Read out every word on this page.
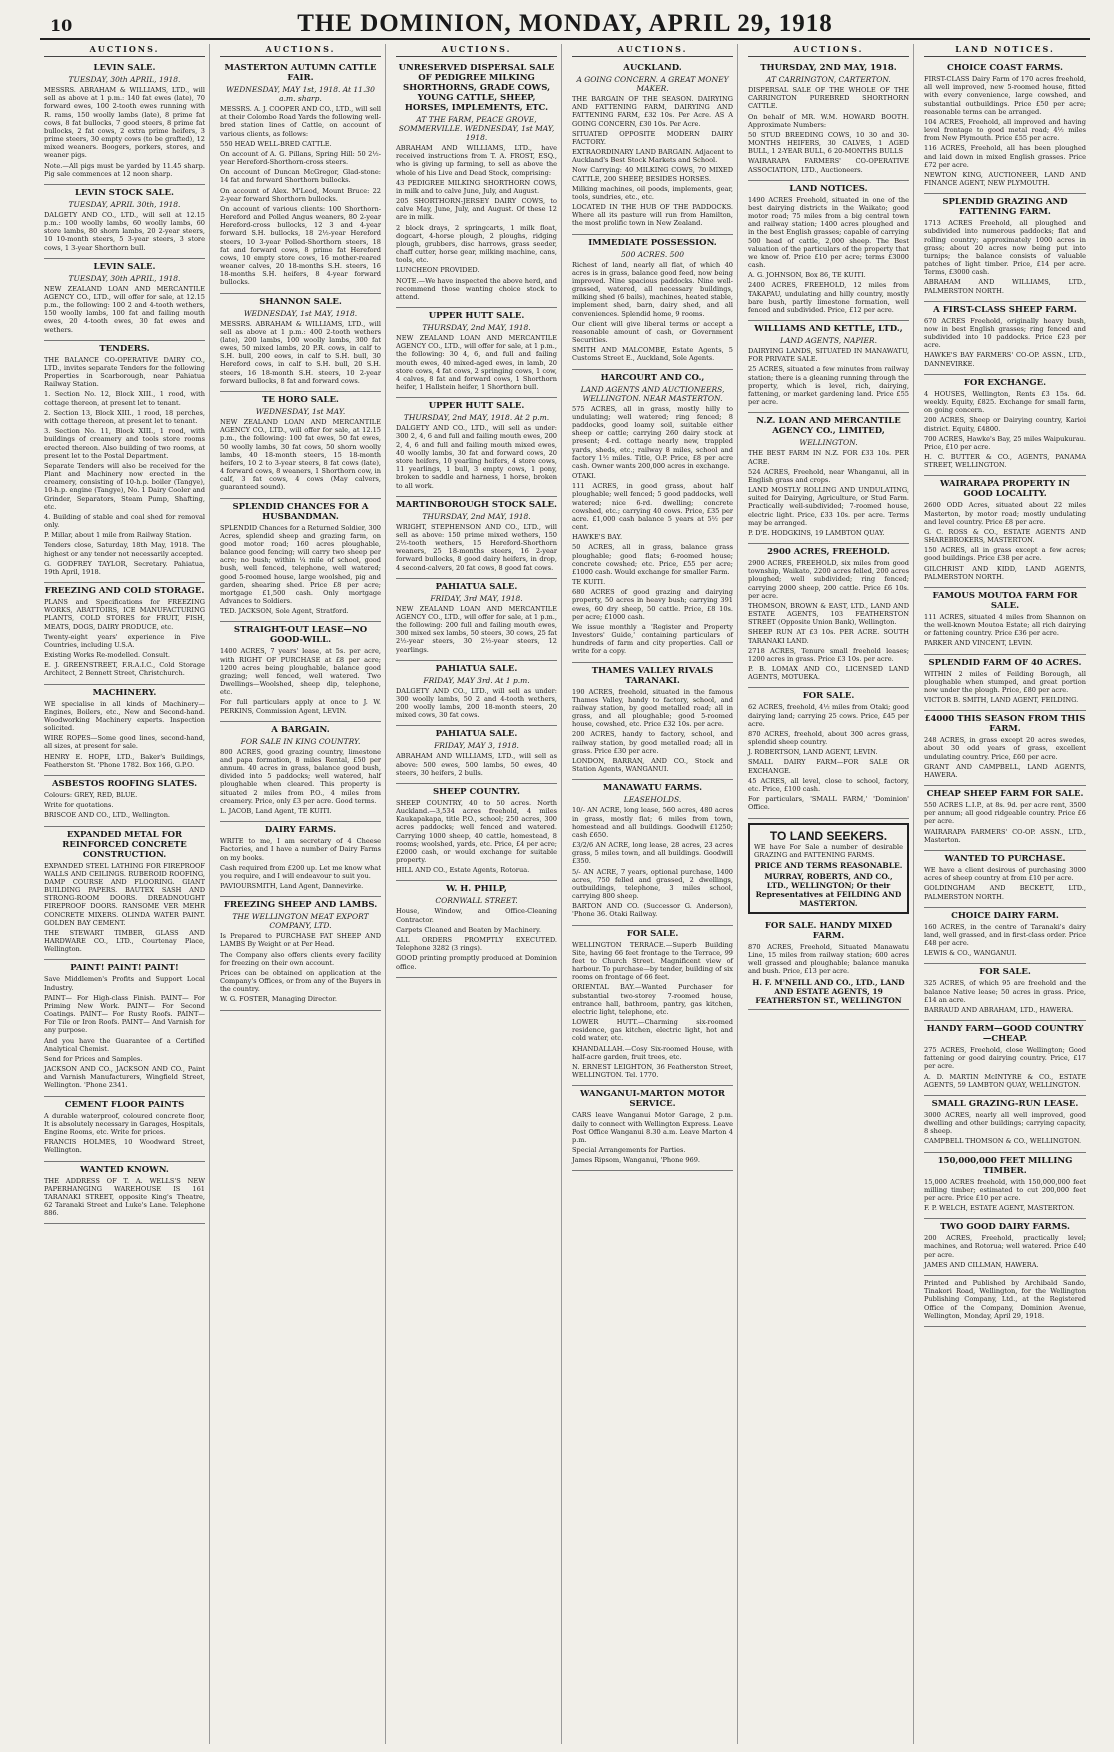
10	THE DOMINION, MONDAY, APRIL 29, 1918
AUCTIONS.
LEVIN SALE.
TUESDAY, 30th APRIL, 1918.

MESSRS. ABRAHAM & WILLIAMS, LTD., will sell as above at 1 p.m.: 140 fat ewes (late), 70 forward ewes, 100 2-tooth ewes running with R. rams, 150 woolly lambs (late), 8 prime fat cows, 8 fat bullocks, 7 good steers, 8 prime fat bullocks, 2 fat cows, 2 extra prime heifers, 3 prime steers, 30 empty cows (to be grafted), 12 mixed weaners. Boogers, porkers, stores, and weaner pigs.

Note.—All pigs must be yarded by 11.45 sharp. Pig sale commences at 12 noon sharp.

LEVIN STOCK SALE.
TUESDAY, APRIL 30th, 1918.

DALGETY AND CO., LTD., will sell at 12.15 p.m.: 100 woolly lambs, 60 woolly lambs, 60 store lambs, 80 shorn lambs, 20 2-year steers, 10 10-month steers, 5 3-year steers, 3 store cows, 1 3-year Shorthorn bull.

LEVIN SALE.
TUESDAY, 30th APRIL, 1918.

NEW ZEALAND LOAN AND MERCANTILE AGENCY CO., LTD., will offer for sale, at 12.15 p.m., the following: 100 2 and 4-tooth wethers, 150 woolly lambs, 100 fat and failing mouth ewes, 20 4-tooth ewes, 30 fat ewes and wethers.

TENDERS.

THE BALANCE CO-OPERATIVE DAIRY CO., LTD., invites separate Tenders for the following Properties in Scarborough, near Pahiatua Railway Station.

1. Section No. 12, Block XIII., 1 rood, with cottage thereon, at present let to tenant.

2. Section 13, Block XIII., 1 rood, 18 perches, with cottage thereon, at present let to tenant.

3. Section No. 11, Block XIII., 1 rood, with buildings of creamery and tools store rooms erected thereon. Also building of two rooms, at present let to the Postal Department.

Separate Tenders will also be received for the Plant and Machinery now erected in the creamery, consisting of 10-h.p. boiler (Tangye), 10-h.p. engine (Tangye), No. 1 Dairy Cooler and Grinder, Separators, Steam Pump, Shafting, etc.

4. Building of stable and coal shed for removal only.

P. Millar, about 1 mile from Railway Station.

Tenders close, Saturday, 18th May, 1918. The highest or any tender not necessarily accepted.

G. GODFREY TAYLOR, Secretary. Pahiatua, 19th April, 1918.

FREEZING AND COLD STORAGE.

PLANS and Specifications for FREEZING WORKS, ABATTOIRS, ICE MANUFACTURING PLANTS, COLD STORES for FRUIT, FISH, MEATS, DOGS, DAIRY PRODUCE, etc.

Twenty-eight years' experience in Five Countries, including U.S.A.

Existing Works Re-modelled. Consult.

E. J. GREENSTREET, F.R.A.I.C., Cold Storage Architect, 2 Bennett Street, Christchurch.

MACHINERY.

WE specialise in all kinds of Machinery—Engines, Boilers, etc., New and Second-hand. Woodworking Machinery experts. Inspection solicited.

WIRE ROPES—Some good lines, second-hand, all sizes, at present for sale.

HENRY E. HOPE, LTD., Baker's Buildings, Featherston St. 'Phone 1782. Box 166, G.P.O.

ASBESTOS ROOFING SLATES.

Colours: GREY, RED, BLUE.

Write for quotations.

BRISCOE AND CO., LTD., Wellington.

EXPANDED METAL FOR REINFORCED CONCRETE CONSTRUCTION.

EXPANDED STEEL LATHING FOR FIREPROOF WALLS AND CEILINGS. RUBEROID ROOFING, DAMP COURSE AND FLOORING. GIANT BUILDING PAPERS. BAUTEX SASH AND STRONG-ROOM DOORS. DREADNOUGHT FIREPROOF DOORS. RANSOME VER MEHR CONCRETE MIXERS. OLINDA WATER PAINT. GOLDEN BAY CEMENT.

THE STEWART TIMBER, GLASS AND HARDWARE CO., LTD., Courtenay Place, Wellington.

PAINT! PAINT! PAINT!

Save Middlemen's Profits and Support Local Industry.

PAINT— For High-class Finish. PAINT— For Priming New Work. PAINT— For Second Coatings. PAINT— For Rusty Roofs. PAINT— For Tile or Iron Roofs. PAINT— And Varnish for any purpose.

And you have the Guarantee of a Certified Analytical Chemist.

Send for Prices and Samples.

JACKSON AND CO., JACKSON AND CO., Paint and Varnish Manufacturers, Wingfield Street, Wellington. 'Phone 2341.

CEMENT FLOOR PAINTS

A durable waterproof, coloured concrete floor, It is absolutely necessary in Garages, Hospitals, Engine Rooms, etc. Write for prices.

FRANCIS HOLMES, 10 Woodward Street, Wellington.

WANTED KNOWN.

THE ADDRESS OF T. A. WELLS'S NEW PAPERHANGING WAREHOUSE IS 161 TARANAKI STREET, opposite King's Theatre, 62 Taranaki Street and Luke's Lane. Telephone 886.

AUCTIONS.
MASTERTON AUTUMN CATTLE FAIR.
WEDNESDAY, MAY 1st, 1918. At 11.30 a.m. sharp.

MESSRS. A. J. COOPER AND CO., LTD., will sell at their Colombo Road Yards the following well-bred station lines of Cattle, on account of various clients, as follows:

550 HEAD WELL-BRED CATTLE.

On account of A. G. Pillans, Spring Hill: 50 2½-year Hereford-Shorthorn-cross steers.

On account of Duncan McGregor, Glad-stone: 14 fat and forward Shorthorn bullocks.

On account of Alex. M'Leod, Mount Bruce: 22 2-year forward Shorthorn bullocks.

On account of various clients: 100 Shorthorn-Hereford and Polled Angus weaners, 80 2-year Hereford-cross bullocks, 12 3 and 4-year forward S.H. bullocks, 18 2½-year Hereford steers, 10 3-year Polled-Shorthorn steers, 18 fat and forward cows, 8 prime fat Hereford cows, 10 empty store cows, 16 mother-reared weaner calves, 20 18-months S.H. steers, 16 18-months S.H. heifers, 8 4-year forward bullocks.

SHANNON SALE.
WEDNESDAY, 1st MAY, 1918.

MESSRS. ABRAHAM & WILLIAMS, LTD., will sell as above at 1 p.m.: 400 2-tooth wethers (late), 200 lambs, 100 woolly lambs, 300 fat ewes, 50 mixed lambs, 20 P.R. cows, in calf to S.H. bull, 200 eows, in calf to S.H. bull, 30 Hereford cows, in calf to S.H. bull, 20 S.H. steers, 16 18-month S.H. steers, 10 2-year forward bullocks, 8 fat and forward cows.

TE HORO SALE.
WEDNESDAY, 1st MAY.

NEW ZEALAND LOAN AND MERCANTILE AGENCY CO., LTD., will offer for sale, at 12.15 p.m., the following: 100 fat ewes, 50 fat ewes, 50 woolly lambs, 30 fat cows, 50 shorn woolly lambs, 40 18-month steers, 15 18-month heifers, 10 2 to 3-year steers, 8 fat cows (late), 4 forward cows, 8 weaners, 1 Shorthorn cow, in calf, 3 fat cows, 4 cows (May calvers, guaranteed sound).

SPLENDID CHANCES FOR A HUSBANDMAN.

SPLENDID Chances for a Returned Soldier, 300 Acres, splendid sheep and grazing farm, on good motor road; 160 acres ploughable, balance good fencing; will carry two sheep per acre; no bush; within ¼ mile of school, good bush, well fenced, telephone, well watered; good 5-roomed house, large woolshed, pig and garden, shearing shed. Price £8 per acre; mortgage £1,500 cash. Only mortgage Advances to Soldiers.

TED. JACKSON, Sole Agent, Stratford.

STRAIGHT-OUT LEASE—NO GOOD-WILL.

1400 ACRES, 7 years' lease, at 5s. per acre, with RIGHT OF PURCHASE at £8 per acre; 1200 acres being ploughable, balance good grazing; well fenced, well watered. Two Dwellings—Woolshed, sheep dip, telephone, etc.

For full particulars apply at once to J. W. PERKINS, Commission Agent, LEVIN.

A BARGAIN.
FOR SALE IN KING COUNTRY.

800 ACRES, good grazing country, limestone and papa formation, 8 miles Rental, £50 per annum. 40 acres in grass, balance good bush, divided into 5 paddocks; well watered, half ploughable when cleared. This property is situated 2 miles from P.O., 4 miles from creamery. Price, only £3 per acre. Good terms.

L. JACOB, Land Agent, TE KUITI.

DAIRY FARMS.

WRITE to me, I am secretary of 4 Cheese Factories, and I have a number of Dairy Farms on my books.

Cash required from £200 up. Let me know what you require, and I will endeavour to suit you.

PAVIOURSMITH, Land Agent, Dannevirke.

FREEZING SHEEP AND LAMBS.
THE WELLINGTON MEAT EXPORT COMPANY, LTD.

Is Prepared to PURCHASE FAT SHEEP AND LAMBS By Weight or at Per Head.

The Company also offers clients every facility for freezing on their own account.

Prices can be obtained on application at the Company's Offices, or from any of the Buyers in the country.

W. G. FOSTER, Managing Director.

AUCTIONS.
UNRESERVED DISPERSAL SALE OF PEDIGREE MILKING SHORTHORNS, GRADE COWS, YOUNG CATTLE, SHEEP, HORSES, IMPLEMENTS, ETC.
AT THE FARM, PEACE GROVE, SOMMERVILLE. WEDNESDAY, 1st MAY, 1918.

ABRAHAM AND WILLIAMS, LTD., have received instructions from T. A. FROST, ESQ., who is giving up farming, to sell as above the whole of his Live and Dead Stock, comprising:

43 PEDIGREE MILKING SHORTHORN COWS, in milk and to calve June, July, and August.

205 SHORTHORN-JERSEY DAIRY COWS, to calve May, June, July, and August. Of these 12 are in milk.

2 block drays, 2 springcarts, 1 milk float, dogcart, 4-horse plough, 2 ploughs, ridging plough, grubbers, disc harrows, grass seeder, chaff cutter, horse gear, milking machine, cans, tools, etc.

LUNCHEON PROVIDED.

NOTE.—We have inspected the above herd, and recommend those wanting choice stock to attend.

UPPER HUTT SALE.
THURSDAY, 2nd MAY, 1918.

NEW ZEALAND LOAN AND MERCANTILE AGENCY CO., LTD., will offer for sale, at 1 p.m., the following: 30 4, 6, and full and failing mouth ewes, 40 mixed-aged ewes, in lamb, 20 store cows, 4 fat cows, 2 springing cows, 1 cow, 4 calves, 8 fat and forward cows, 1 Shorthorn heifer, 1 Hallstein heifer, 1 Shorthorn bull.

UPPER HUTT SALE.
THURSDAY, 2nd MAY, 1918. At 2 p.m.

DALGETY AND CO., LTD., will sell as under: 300 2, 4, 6 and full and failing mouth ewes, 200 2, 4, 6 and full and failing mouth mixed ewes, 40 woolly lambs, 30 fat and forward cows, 20 store heifers, 10 yearling heifers, 4 store cows, 11 yearlings, 1 bull, 3 empty cows, 1 pony, broken to saddle and harness, 1 horse, broken to all work.

MARTINBOROUGH STOCK SALE.
THURSDAY, 2nd MAY, 1918.

WRIGHT, STEPHENSON AND CO., LTD., will sell as above: 150 prime mixed wethers, 150 2½-tooth wethers, 15 Hereford-Shorthorn weaners, 25 18-months steers, 16 2-year forward bullocks, 8 good dairy heifers, in drop, 4 second-calvers, 20 fat cows, 8 good fat cows.

PAHIATUA SALE.
FRIDAY, 3rd MAY, 1918.

NEW ZEALAND LOAN AND MERCANTILE AGENCY CO., LTD., will offer for sale, at 1 p.m., the following: 200 full and failing mouth ewes, 300 mixed sex lambs, 50 steers, 30 cows, 25 fat 2½-year steers, 30 2½-year steers, 12 yearlings.

PAHIATUA SALE.
FRIDAY, MAY 3rd. At 1 p.m.

DALGETY AND CO., LTD., will sell as under: 300 woolly lambs, 50 2 and 4-tooth wethers, 200 woolly lambs, 200 18-month steers, 20 mixed cows, 30 fat cows.

PAHIATUA SALE.
FRIDAY, MAY 3, 1918.

ABRAHAM AND WILLIAMS, LTD., will sell as above: 500 ewes, 500 lambs, 50 ewes, 40 steers, 30 heifers, 2 bulls.

SHEEP COUNTRY.

SHEEP COUNTRY, 40 to 50 acres. North Auckland.—3,534 acres freehold, 4 miles Kaukapakapa, title P.O., school; 250 acres, 300 acres paddocks; well fenced and watered. Carrying 1000 sheep, 40 cattle, homestead, 8 rooms; woolshed, yards, etc. Price, £4 per acre; £2000 cash, or would exchange for suitable property.

HILL AND CO., Estate Agents, Rotorua.

W. H. PHILP,
CORNWALL STREET.

House, Window, and Office-Cleaning Contractor.

Carpets Cleaned and Beaten by Machinery.

ALL ORDERS PROMPTLY EXECUTED. Telephone 3282 (3 rings).

GOOD printing promptly produced at Dominion office.

AUCTIONS.
AUCKLAND.
A GOING CONCERN. A GREAT MONEY MAKER.

THE BARGAIN OF THE SEASON. DAIRYING AND FATTENING FARM, DAIRYING AND FATTENING FARM, £32 10s. Per Acre. AS A GOING CONCERN, £30 10s. Per Acre.

SITUATED OPPOSITE MODERN DAIRY FACTORY.

EXTRAORDINARY LAND BARGAIN. Adjacent to Auckland's Best Stock Markets and School.

Now Carrying: 40 MILKING COWS, 70 MIXED CATTLE, 200 SHEEP, BESIDES HORSES.

Milking machines, oil poods, implements, gear, tools, sundries, etc., etc.

LOCATED IN THE HUB OF THE PADDOCKS. Where all its pasture will run from Hamilton, the most prolific town in New Zealand.

IMMEDIATE POSSESSION.
500 ACRES. 500

Richest of land, nearly all flat, of which 40 acres is in grass, balance good feed, now being improved. Nine spacious paddocks. Nine well-grassed, watered, all necessary buildings, milking shed (6 bails), machines, heated stable, implement shed, barn, dairy shed, and all conveniences. Splendid home, 9 rooms.

Our client will give liberal terms or accept a reasonable amount of cash, or Government Securities.

SMITH AND MALCOMBE, Estate Agents, 5 Customs Street E., Auckland, Sole Agents.

HARCOURT AND CO.,
LAND AGENTS AND AUCTIONEERS, WELLINGTON. NEAR MASTERTON.

575 ACRES, all in grass, mostly hilly to undulating; well watered; ring fenced; 8 paddocks, good loamy soil, suitable either sheep or cattle; carrying 260 dairy stock at present; 4-rd. cottage nearly new, trappled yards, sheds, etc.; railway 8 miles, school and factory 1½ miles. Title, O.P. Price, £8 per acre cash. Owner wants 200,000 acres in exchange.

OTAKI.

111 ACRES, in good grass, about half ploughable; well fenced; 5 good paddocks, well watered; nice 6-rd. dwelling; concrete cowshed, etc.; carrying 40 cows. Price, £35 per acre. £1,000 cash balance 5 years at 5½ per cent.

HAWKE'S BAY.

50 ACRES, all in grass, balance grass ploughable; good flats; 6-roomed house; concrete cowshed; etc. Price, £55 per acre; £1000 cash. Would exchange for smaller Farm.

TE KUITI.

680 ACRES of good grazing and dairying property, 50 acres in heavy bush; carrying 391 ewes, 60 dry sheep, 50 cattle. Price, £8 10s. per acre; £1000 cash.

We issue monthly a 'Register and Property Investors' Guide,' containing particulars of hundreds of farm and city properties. Call or write for a copy.

THAMES VALLEY RIVALS TARANAKI.

190 ACRES, freehold, situated in the famous Thames Valley, handy to factory, school, and railway station, by good metalled road; all in grass, and all ploughable; good 5-roomed house, cowshed, etc. Price £32 10s. per acre.

200 ACRES, handy to factory, school, and railway station, by good metalled road; all in grass. Price £30 per acre.

LONDON, BARRAN, AND CO., Stock and Station Agents, WANGANUI.

MANAWATU FARMS.
LEASEHOLDS.

10/- AN ACRE, long lease, 560 acres, 480 acres in grass, mostly flat; 6 miles from town, homestead and all buildings. Goodwill £1250; cash £650.

£3/2/6 AN ACRE, long lease, 28 acres, 23 acres grass, 5 miles town, and all buildings. Goodwill £350.

5/- AN ACRE, 7 years, optional purchase, 1400 acres, 750 felled and grassed, 2 dwellings, outbuildings, telephone, 3 miles school, carrying 800 sheep.

BARTON AND CO. (Successor G. Anderson), 'Phone 36. Otaki Railway.

FOR SALE.

WELLINGTON TERRACE.—Superb Building Site, having 66 feet frontage to the Terrace, 99 feet to Church Street. Magnificent view of harbour. To purchase—by tender, building of six rooms on frontage of 66 feet.

ORIENTAL BAY.—Wanted Purchaser for substantial two-storey 7-roomed house, entrance hall, bathroom, pantry, gas kitchen, electric light, telephone, etc.

LOWER HUTT.—Charming six-roomed residence, gas kitchen, electric light, hot and cold water, etc.

KHANDALLAH.—Cosy Six-roomed House, with half-acre garden, fruit trees, etc.

N. ERNEST LEIGHTON, 36 Featherston Street, WELLINGTON. Tel. 1770.

WANGANUI-MARTON MOTOR SERVICE.

CARS leave Wanganui Motor Garage, 2 p.m. daily to connect with Wellington Express. Leave Post Office Wanganui 8.30 a.m. Leave Marton 4 p.m.

Special Arrangements for Parties.

James Ripsom, Wanganui, 'Phone 969.

AUCTIONS.
THURSDAY, 2ND MAY, 1918.
AT CARRINGTON, CARTERTON.

DISPERSAL SALE OF THE WHOLE OF THE CARRINGTON PUREBRED SHORTHORN CATTLE.

On behalf of MR. W.M. HOWARD BOOTH. Approximate Numbers:

50 STUD BREEDING COWS, 10 30 and 30-MONTHS HEIFERS, 30 CALVES, 1 AGED BULL, 1 2-YEAR BULL, 6 20-MONTHS BULLS

WAIRARAPA FARMERS' CO-OPERATIVE ASSOCIATION, LTD., Auctioneers.

LAND NOTICES.

1490 ACRES Freehold, situated in one of the best dairying districts in the Waikato; good motor road; 75 miles from a big central town and railway station; 1400 acres ploughed and in the best English grasses; capable of carrying 500 head of cattle, 2,000 sheep. The Best valuation of the particulars of the property that we know of. Price £10 per acre; terms £3000 cash.

A. G. JOHNSON, Box 86, TE KUITI.

2400 ACRES, FREEHOLD, 12 miles from TAKAPAU, undulating and hilly country, mostly bare bush, partly limestone formation, well fenced and subdivided. Price, £12 per acre.

WILLIAMS AND KETTLE, LTD.,
LAND AGENTS, NAPIER.

DAIRYING LANDS, SITUATED IN MANAWATU, FOR PRIVATE SALE.

25 ACRES, situated a few minutes from railway station; there is a gleaning running through the property, which is level, rich, dairying, fattening, or market gardening land. Price £55 per acre.

N.Z. LOAN AND MERCANTILE AGENCY CO., LIMITED,
WELLINGTON.

THE BEST FARM IN N.Z. FOR £33 10s. PER ACRE.

524 ACRES, Freehold, near Whanganui, all in English grass and crops.

LAND MOSTLY ROLLING AND UNDULATING, suited for Dairying, Agriculture, or Stud Farm. Practically well-subdivided; 7-roomed house, electric light. Price, £33 10s. per acre. Terms may be arranged.

P. D'E. HODGKINS, 19 LAMBTON QUAY.

2900 ACRES, FREEHOLD.

2900 ACRES, FREEHOLD, six miles from good township, Waikato, 2200 acres felled, 200 acres ploughed; well subdivided; ring fenced; carrying 2000 sheep, 200 cattle. Price £6 10s. per acre.

THOMSON, BROWN & EAST, LTD., LAND AND ESTATE AGENTS, 103 FEATHERSTON STREET (Opposite Union Bank), Wellington.

SHEEP RUN AT £3 10s. PER ACRE. SOUTH TARANAKI LAND.

2718 ACRES, Tenure small freehold leases; 1200 acres in grass. Price £3 10s. per acre.

P. B. LOMAX AND CO., LICENSED LAND AGENTS, MOTUEKA.

FOR SALE.

62 ACRES, freehold, 4½ miles from Otaki; good dairying land; carrying 25 cows. Price, £45 per acre.

870 ACRES, freehold, about 300 acres grass, splendid sheep country.

J. ROBERTSON, LAND AGENT, LEVIN.

SMALL DAIRY FARM—FOR SALE OR EXCHANGE.

45 ACRES, all level, close to school, factory, etc. Price, £100 cash.

For particulars, 'SMALL FARM,' 'Dominion' Office.

TO LAND SEEKERS.
WE have For Sale a number of desirable GRAZING and FATTENING FARMS.
PRICE AND TERMS REASONABLE.
MURRAY, ROBERTS, AND CO., LTD., WELLINGTON; Or their Representatives at FEILDING AND MASTERTON.
FOR SALE. HANDY MIXED FARM.
870 ACRES, Freehold, Situated Manawatu Line, 15 miles from railway station; 600 acres well grassed and ploughable; balance manuka and bush. Price, £13 per acre.
H. F. M'NEILL AND CO., LTD., LAND AND ESTATE AGENTS, 19 FEATHERSTON ST., WELLINGTON
LAND NOTICES.
CHOICE COAST FARMS.

FIRST-CLASS Dairy Farm of 170 acres freehold, all well improved, new 5-roomed house, fitted with every convenience, large cowshed, and substantial outbuildings. Price £50 per acre; reasonable terms can be arranged.

104 ACRES, Freehold, all improved and having level frontage to good metal road; 4½ miles from New Plymouth. Price £55 per acre.

116 ACRES, Freehold, all has been ploughed and laid down in mixed English grasses. Price £72 per acre.

NEWTON KING, AUCTIONEER, LAND AND FINANCE AGENT, NEW PLYMOUTH.

SPLENDID GRAZING AND FATTENING FARM.

1713 ACRES Freehold, all ploughed and subdivided into numerous paddocks; flat and rolling country; approximately 1000 acres in grass; about 20 acres now being put into turnips; the balance consists of valuable patches of light timber. Price, £14 per acre. Terms, £3000 cash.

ABRAHAM AND WILLIAMS, LTD., PALMERSTON NORTH.

A FIRST-CLASS SHEEP FARM.

670 ACRES Freehold, originally heavy bush, now in best English grasses; ring fenced and subdivided into 10 paddocks. Price £23 per acre.

HAWKE'S BAY FARMERS' CO-OP. ASSN., LTD., DANNEVIRKE.

FOR EXCHANGE.

4 HOUSES, Wellington, Rents £3 15s. 6d. weekly. Equity, £825. Exchange for small farm, on going concern.

200 ACRES, Sheep or Dairying country, Karioi district. Equity, £4800.

700 ACRES, Hawke's Bay, 25 miles Waipukurau. Price, £10 per acre.

H. C. BUTTER & CO., AGENTS, PANAMA STREET, WELLINGTON.

WAIRARAPA PROPERTY IN GOOD LOCALITY.

2600 ODD Acres, situated about 22 miles Masterton, by motor road; mostly undulating and level country. Price £8 per acre.

G. C. ROSS & CO., ESTATE AGENTS AND SHAREBROKERS, MASTERTON.

150 ACRES, all in grass except a few acres; good buildings. Price £38 per acre.

GILCHRIST AND KIDD, LAND AGENTS, PALMERSTON NORTH.

FAMOUS MOUTOA FARM FOR SALE.

111 ACRES, situated 4 miles from Shannon on the well-known Moutoa Estate; all rich dairying or fattening country. Price £36 per acre.

PARKER AND VINCENT, LEVIN.

SPLENDID FARM OF 40 ACRES.

WITHIN 2 miles of Feilding Borough, all ploughable when stumped, and great portion now under the plough. Price, £80 per acre.

VICTOR B. SMITH, LAND AGENT, FEILDING.

£4000 THIS SEASON FROM THIS FARM.

248 ACRES, in grass except 20 acres swedes, about 30 odd years of grass, excellent undulating country. Price, £60 per acre.

GRANT AND CAMPBELL, LAND AGENTS, HAWERA.

CHEAP SHEEP FARM FOR SALE.

550 ACRES L.I.P., at 8s. 9d. per acre rent, 3500 per annum; all good ridgeable country. Price £6 per acre.

WAIRARAPA FARMERS' CO-OP. ASSN., LTD., Masterton.

WANTED TO PURCHASE.

WE have a client desirous of purchasing 3000 acres of sheep country at from £10 per acre.

GOLDINGHAM AND BECKETT, LTD., PALMERSTON NORTH.

CHOICE DAIRY FARM.

160 ACRES, in the centre of Taranaki's dairy land, well grassed, and in first-class order. Price £48 per acre.

LEWIS & CO., WANGANUI.

FOR SALE.

325 ACRES, of which 95 are freehold and the balance Native lease; 50 acres in grass. Price, £14 an acre.

BARRAUD AND ABRAHAM, LTD., HAWERA.

HANDY FARM—GOOD COUNTRY—CHEAP.

275 ACRES, Freehold, close Wellington; Good fattening or good dairying country. Price, £17 per acre.

A. D. MARTIN McINTYRE & CO., ESTATE AGENTS, 59 LAMBTON QUAY, WELLINGTON.

SMALL GRAZING-RUN LEASE.

3000 ACRES, nearly all well improved, good dwelling and other buildings; carrying capacity, 8 sheep.

CAMPBELL THOMSON & CO., WELLINGTON.

150,000,000 FEET MILLING TIMBER.

15,000 ACRES freehold, with 150,000,000 feet milling timber; estimated to cut 200,000 feet per acre. Price £10 per acre.

F. P. WELCH, ESTATE AGENT, MASTERTON.

TWO GOOD DAIRY FARMS.

200 ACRES, Freehold, practically level; machines, and Rotorua; well watered. Price £40 per acre.

JAMES AND CILLMAN, HAWERA.

Printed and Published by Archibald Sando, Tinakori Road, Wellington, for the Wellington Publishing Company, Ltd., at the Registered Office of the Company, Dominion Avenue, Wellington, Monday, April 29, 1918.
